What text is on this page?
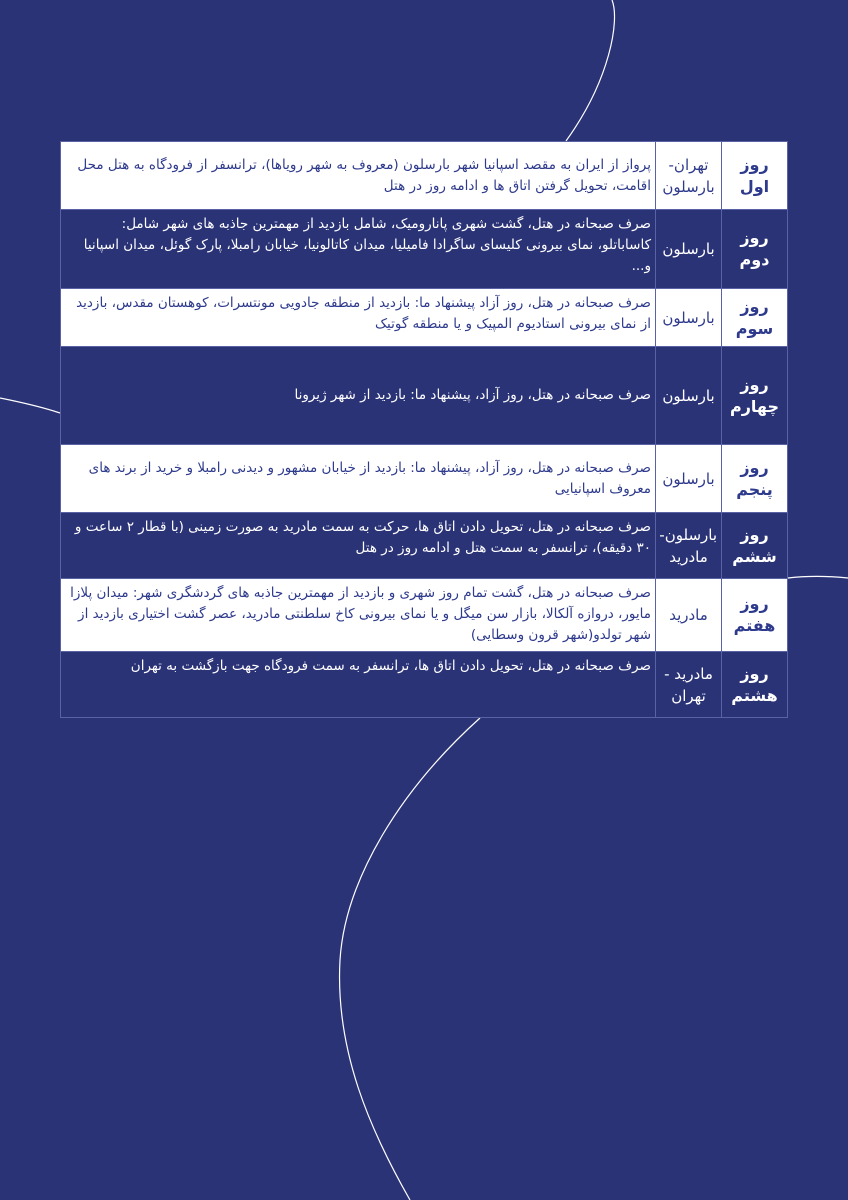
روز اول	تهران- بارسلون	پرواز از ایران به مقصد اسپانیا شهر بارسلون (معروف به شهر رویاها)، ترانسفر از فرودگاه به هتل محل اقامت، تحویل گرفتن اتاق ها و ادامه روز در هتل
روز دوم	بارسلون	صرف صبحانه در هتل، گشت شهری پانارومیک، شامل بازدید از مهمترین جاذبه های شهر شامل: کاساباتلو، نمای بیرونی کلیسای ساگرادا فامیلیا، میدان کاتالونیا، خیابان رامبلا، پارک گوئل، میدان اسپانیا و...
روز سوم	بارسلون	صرف صبحانه در هتل، روز آزاد پیشنهاد ما: بازدید از منطقه جادویی مونتسرات، کوهستان مقدس، بازدید از نمای بیرونی استادیوم المپیک و یا منطقه گوتیک
روز چهارم	بارسلون	صرف صبحانه در هتل، روز آزاد، پیشنهاد ما: بازدید از شهر ژیرونا
روز پنجم	بارسلون	صرف صبحانه در هتل، روز آزاد، پیشنهاد ما: بازدید از خیابان مشهور و دیدنی رامبلا و خرید از برند های معروف اسپانیایی
روز ششم	بارسلون- مادرید	صرف صبحانه در هتل، تحویل دادن اتاق ها، حرکت به سمت مادرید به صورت زمینی (با قطار ۲ ساعت و ۳۰ دقیقه)، ترانسفر به سمت هتل و ادامه روز در هتل
روز هفتم	مادرید	صرف صبحانه در هتل، گشت تمام روز شهری و بازدید از مهمترین جاذبه های گردشگری شهر: میدان پلازا مایور، دروازه آلکالا، بازار سن میگل و یا نمای بیرونی کاخ سلطنتی مادرید، عصر گشت اختیاری بازدید از شهر تولدو(شهر قرون وسطایی)
روز هشتم	مادرید - تهران	صرف صبحانه در هتل، تحویل دادن اتاق ها، ترانسفر به سمت فرودگاه جهت بازگشت به تهران
